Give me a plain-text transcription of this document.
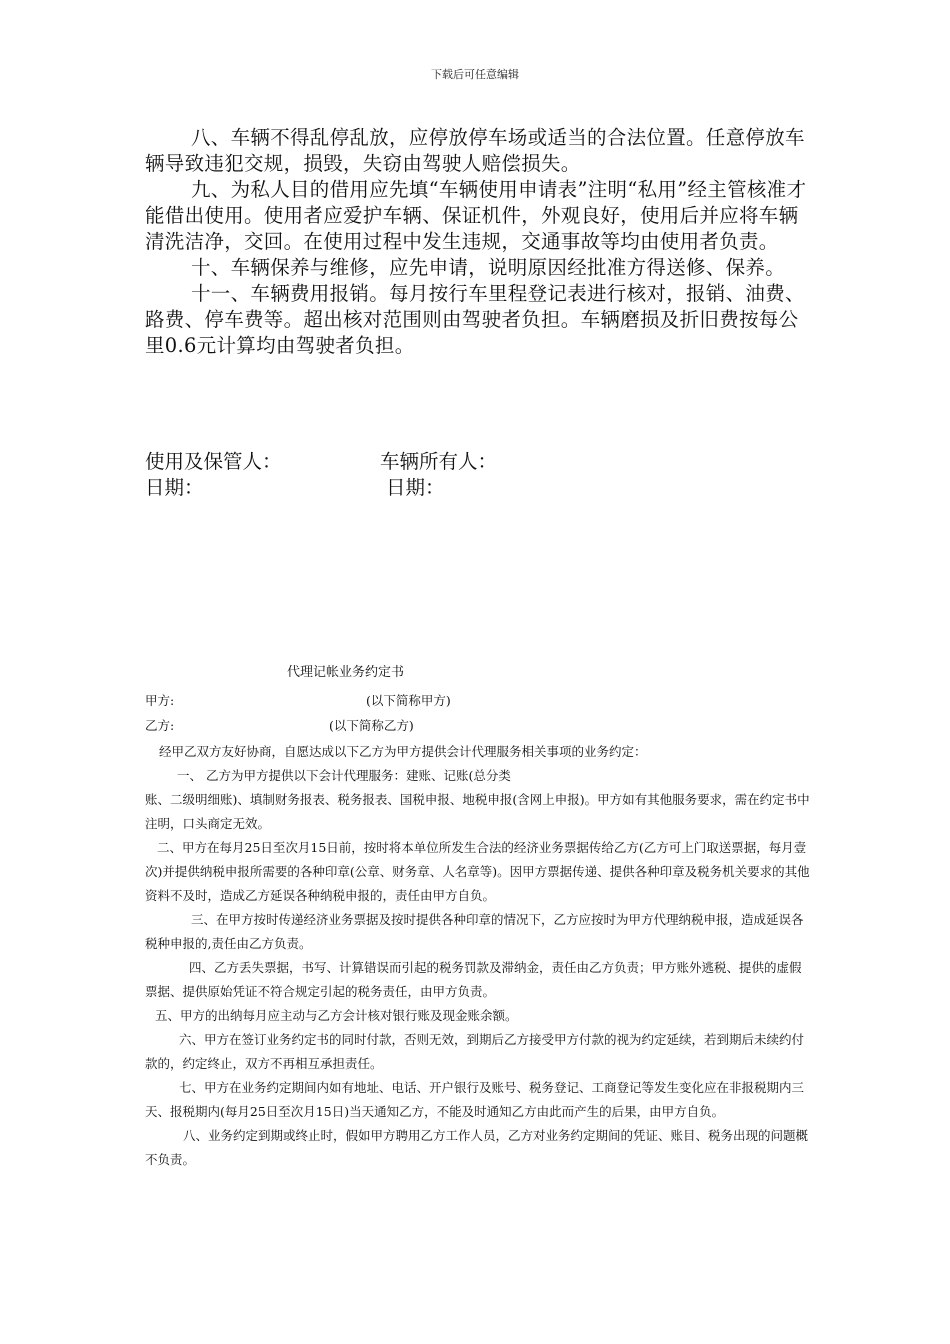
下载后可任意编辑

八、车辆不得乱停乱放，应停放停车场或适当的合法位置。任意停放车辆导致违犯交规，损毁，失窃由驾驶人赔偿损失。

九、为私人目的借用应先填“车辆使用申请表”注明“私用”经主管核准才能借出使用。使用者应爱护车辆、保证机件，外观良好，使用后并应将车辆清洗洁净，交回。在使用过程中发生违规，交通事故等均由使用者负责。

十、车辆保养与维修，应先申请，说明原因经批准方得送修、保养。

十一、车辆费用报销。每月按行车里程登记表进行核对，报销、油费、路费、停车费等。超出核对范围则由驾驶者负担。车辆磨损及折旧费按每公里0.6元计算均由驾驶者负担。

使用及保管人：	车辆所有人：
日期：	日期：
代理记帐业务约定书
甲方:	(以下简称甲方)
乙方:	(以下简称乙方)

经甲乙双方友好协商，自愿达成以下乙方为甲方提供会计代理服务相关事项的业务约定：

一、 乙方为甲方提供以下会计代理服务：建账、记账(总分类

账、二级明细账)、填制财务报表、税务报表、国税申报、地税申报(含网上申报)。甲方如有其他服务要求，需在约定书中注明，口头商定无效。

二、甲方在每月25日至次月15日前，按时将本单位所发生合法的经济业务票据传给乙方(乙方可上门取送票据，每月壹次)并提供纳税申报所需要的各种印章(公章、财务章、人名章等)。因甲方票据传递、提供各种印章及税务机关要求的其他资料不及时，造成乙方延误各种纳税申报的，责任由甲方自负。

三、在甲方按时传递经济业务票据及按时提供各种印章的情况下，乙方应按时为甲方代理纳税申报，造成延误各税种申报的,责任由乙方负责。

四、乙方丢失票据，书写、计算错误而引起的税务罚款及滞纳金，责任由乙方负责；甲方账外逃税、提供的虚假票据、提供原始凭证不符合规定引起的税务责任，由甲方负责。

五、甲方的出纳每月应主动与乙方会计核对银行账及现金账余额。

六、甲方在签订业务约定书的同时付款，否则无效，到期后乙方接受甲方付款的视为约定延续，若到期后未续约付款的，约定终止，双方不再相互承担责任。

七、甲方在业务约定期间内如有地址、电话、开户银行及账号、税务登记、工商登记等发生变化应在非报税期内三天、报税期内(每月25日至次月15日)当天通知乙方，不能及时通知乙方由此而产生的后果，由甲方自负。

八、业务约定到期或终止时，假如甲方聘用乙方工作人员，乙方对业务约定期间的凭证、账目、税务出现的问题概不负责。
